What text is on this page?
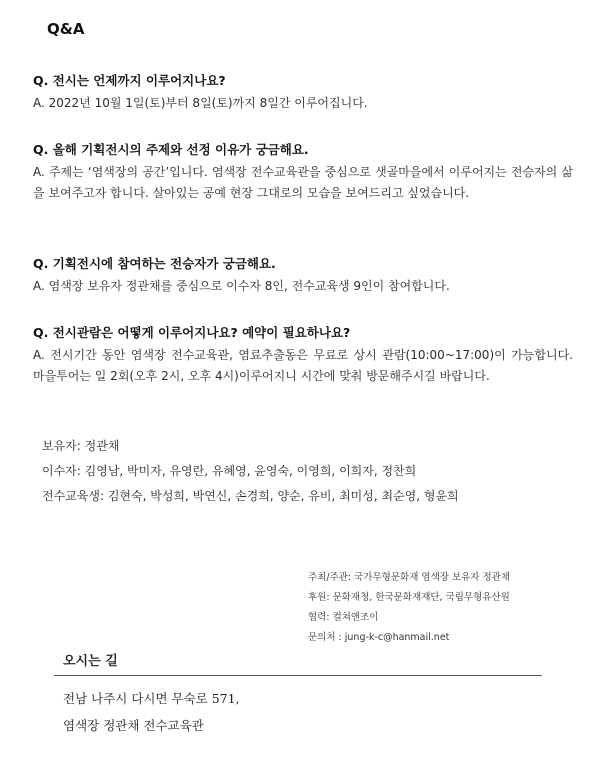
Q&A

Q. 전시는 언제까지 이루어지나요?

A. 2022년 10월 1일(토)부터 8일(토)까지 8일간 이루어집니다.

Q. 올해 기획전시의 주제와 선정 이유가 궁금해요.

A. 주제는 ‘염색장의 공간’입니다. 염색장 전수교육관을 중심으로 샛골마을에서 이루어지는 전승자의 삶을 보여주고자 합니다. 살아있는 공예 현장 그대로의 모습을 보여드리고 싶었습니다.

Q. 기획전시에 참여하는 전승자가 궁금해요.

A. 염색장 보유자 정관채를 중심으로 이수자 8인, 전수교육생 9인이 참여합니다.

Q. 전시관람은 어떻게 이루어지나요? 예약이 필요하나요?

A. 전시기간 동안 염색장 전수교육관, 염료추출동은 무료로 상시 관람(10:00~17:00)이 가능합니다. 마을투어는 일 2회(오후 2시, 오후 4시)이루어지니 시간에 맞춰 방문해주시길 바랍니다.

보유자: 정관채
이수자: 김영남, 박미자, 유영란, 유혜영, 윤영숙, 이영희, 이희자, 정찬희
전수교육생: 김현숙, 박성희, 박연신, 손경희, 양순, 유비, 최미성, 최순영, 형윤희
주최/주관: 국가무형문화재 염색장 보유자 정관채
후원: 문화재청, 한국문화재재단, 국립무형유산원
협력: 컬쳐앤조이
문의처 : jung-k-c@hanmail.net
오시는 길
전남 나주시 다시면 무숙로 571,
염색장 정관채 전수교육관
